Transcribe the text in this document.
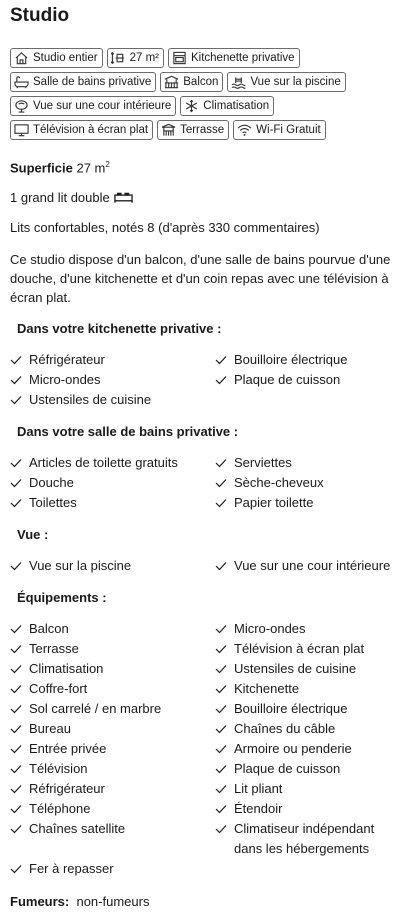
Studio
Studio entier	27 m²	Kitchenette privative
Salle de bains privative	Balcon	Vue sur la piscine
Vue sur une cour intérieure	Climatisation
Télévision à écran plat	Terrasse	Wi-Fi Gratuit
Superficie 27 $m^2$
1 grand lit double
Lits confortables, notés 8 (d'après 330 commentaires)

Ce studio dispose d'un balcon, d'une salle de bains pourvue d'une douche, d'une kitchenette et d'un coin repas avec une télévision à écran plat.

Dans votre kitchenette privative :
Réfrigérateur	Bouilloire électrique
Micro-ondes	Plaque de cuisson
Ustensiles de cuisine
Dans votre salle de bains privative :
Articles de toilette gratuits	Serviettes
Douche	Sèche-cheveux
Toilettes	Papier toilette
Vue :
Vue sur la piscine	Vue sur une cour intérieure
Équipements :
Balcon	Micro-ondes
Terrasse	Télévision à écran plat
Climatisation	Ustensiles de cuisine
Coffre-fort	Kitchenette
Sol carrelé / en marbre	Bouilloire électrique
Bureau	Chaînes du câble
Entrée privée	Armoire ou penderie
Télévision	Plaque de cuisson
Réfrigérateur	Lit pliant
Téléphone	Étendoir
Chaînes satellite	Climatiseur indépendant dans les hébergements
Fer à repasser
Fumeurs: non-fumeurs
